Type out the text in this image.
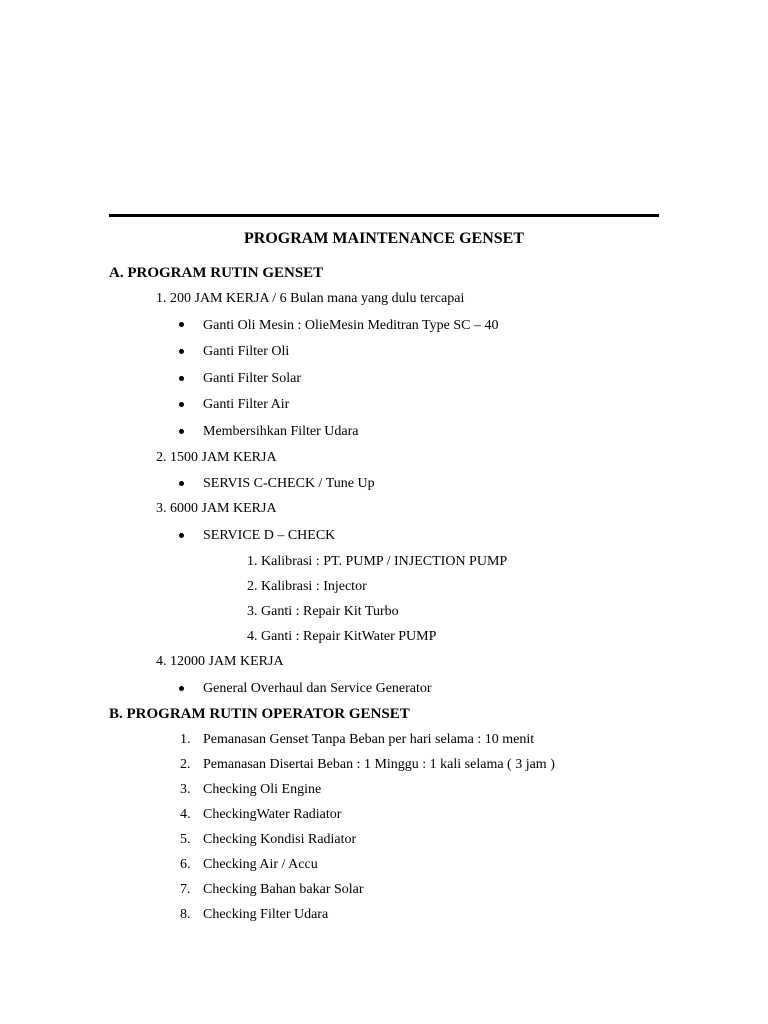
PROGRAM MAINTENANCE GENSET
A. PROGRAM RUTIN GENSET
1. 200 JAM KERJA / 6 Bulan mana yang dulu tercapai
Ganti Oli Mesin : OlieMesin Meditran Type SC – 40
Ganti Filter Oli
Ganti Filter Solar
Ganti Filter Air
Membersihkan Filter Udara
2. 1500 JAM KERJA
SERVIS C-CHECK / Tune Up
3. 6000 JAM KERJA
SERVICE D – CHECK
1. Kalibrasi : PT. PUMP / INJECTION PUMP
2. Kalibrasi : Injector
3. Ganti : Repair Kit Turbo
4. Ganti : Repair KitWater PUMP
4. 12000 JAM KERJA
General Overhaul dan Service Generator
B. PROGRAM RUTIN OPERATOR GENSET
1. Pemanasan Genset Tanpa Beban per hari selama : 10 menit
2. Pemanasan Disertai Beban : 1 Minggu : 1 kali selama ( 3 jam )
3. Checking Oli Engine
4. CheckingWater Radiator
5. Checking Kondisi Radiator
6. Checking Air / Accu
7. Checking Bahan bakar Solar
8. Checking Filter Udara
